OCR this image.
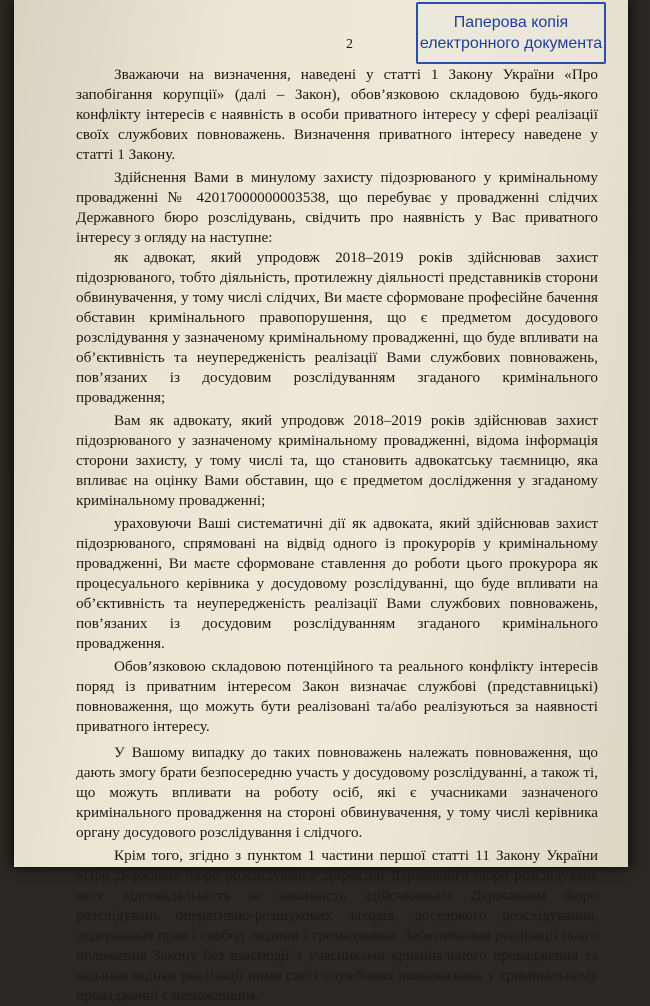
Паперова копія
електронного документа
2

Зважаючи на визначення, наведені у статті 1 Закону України «Про запобігання корупції» (далі – Закон), обов’язковою складовою будь-якого конфлікту інтересів є наявність в особи приватного інтересу у сфері реалізації своїх службових повноважень. Визначення приватного інтересу наведене у статті 1 Закону.

Здійснення Вами в минулому захисту підозрюваного у кримінальному провадженні № 42017000000003538, що перебуває у провадженні слідчих Державного бюро розслідувань, свідчить про наявність у Вас приватного інтересу з огляду на наступне:

як адвокат, який упродовж 2018–2019 років здійснював захист підозрюваного, тобто діяльність, протилежну діяльності представників сторони обвинувачення, у тому числі слідчих, Ви маєте сформоване професійне бачення обставин кримінального правопорушення, що є предметом досудового розслідування у зазначеному кримінальному провадженні, що буде впливати на об’єктивність та неупередженість реалізації Вами службових повноважень, пов’язаних із досудовим розслідуванням згаданого кримінального провадження;

Вам як адвокату, який упродовж 2018–2019 років здійснював захист підозрюваного у зазначеному кримінальному провадженні, відома інформація сторони захисту, у тому числі та, що становить адвокатську таємницю, яка впливає на оцінку Вами обставин, що є предметом дослідження у згаданому кримінальному провадженні;

ураховуючи Ваші систематичні дії як адвоката, який здійснював захист підозрюваного, спрямовані на відвід одного із прокурорів у кримінальному провадженні, Ви маєте сформоване ставлення до роботи цього прокурора як процесуального керівника у досудовому розслідуванні, що буде впливати на об’єктивність та неупередженість реалізації Вами службових повноважень, пов’язаних із досудовим розслідуванням згаданого кримінального провадження.

Обов’язковою складовою потенційного та реального конфлікту інтересів поряд із приватним інтересом Закон визначає службові (представницькі) повноваження, що можуть бути реалізовані та/або реалізуються за наявності приватного інтересу.

У Вашому випадку до таких повноважень належать повноваження, що дають змогу брати безпосередню участь у досудовому розслідуванні, а також ті, що можуть впливати на роботу осіб, які є учасниками зазначеного кримінального провадження на стороні обвинувачення, у тому числі керівника органу досудового розслідування і слідчого.

Крім того, згідно з пунктом 1 частини першої статті 11 Закону України «Про Державне бюро розслідувань» Директор Державного бюро розслідувань несе відповідальність за законність здійснюваних Державним бюро розслідувань оперативно-розшукових заходів, досудового розслідування, додержання прав і свобод людини і громадянина. Забезпечення реалізації цього положення Закону без взаємодії з учасниками кримінального провадження та надання оцінки реалізації ними своїх службових повноважень у кримінальному провадженні є неможливим.
